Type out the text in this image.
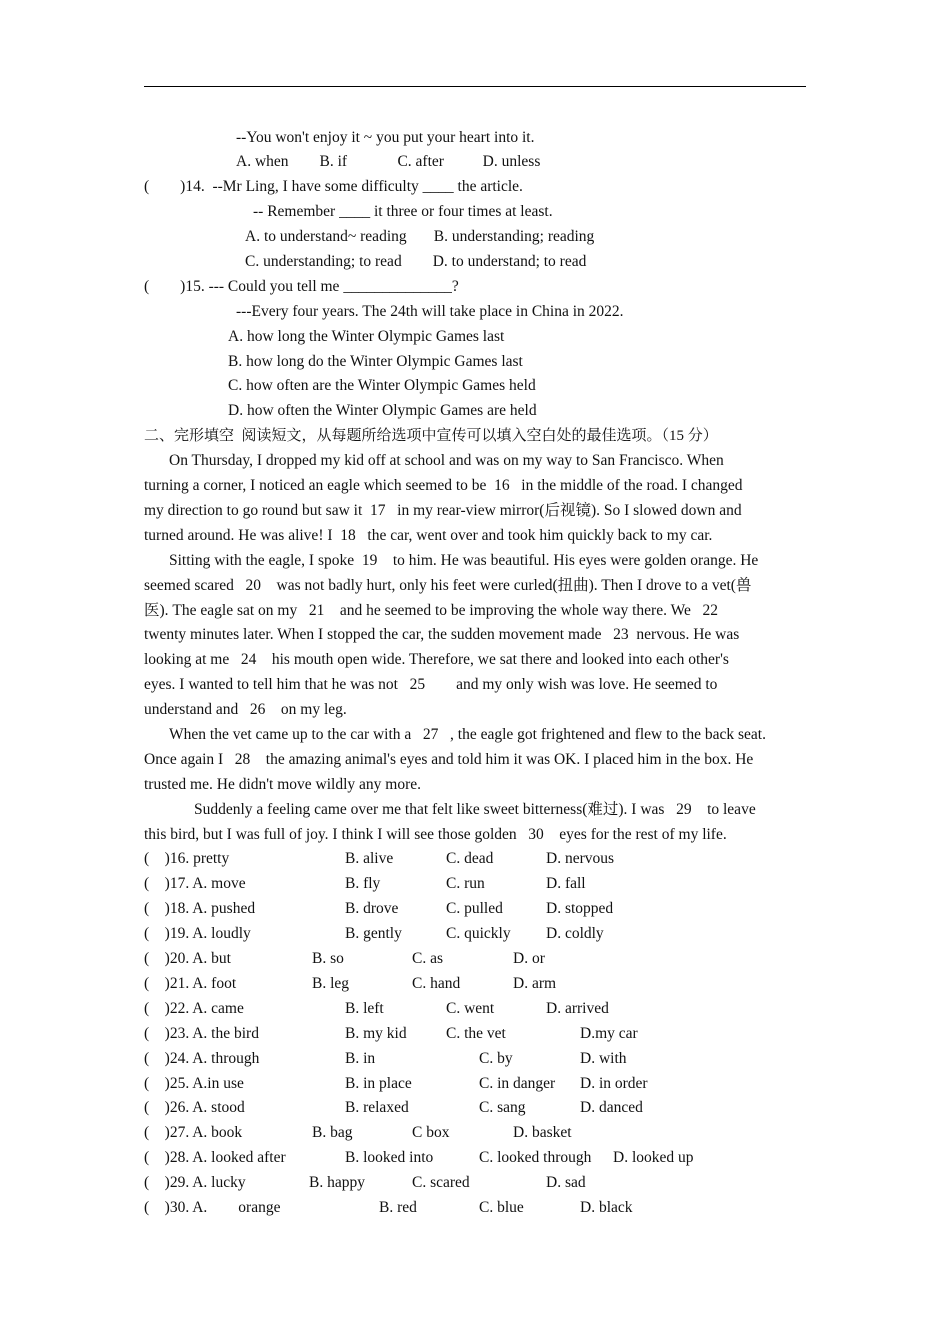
--You won't enjoy it ~ you put your heart into it.
A. when        B. if             C. after          D. unless
(        )14.  --Mr Ling, I have some difficulty ____ the article.
-- Remember ____ it three or four times at least.
A. to understand~ reading       B. understanding; reading
C. understanding; to read        D. to understand; to read
(        )15. --- Could you tell me ______________?
---Every four years. The 24th will take place in China in 2022.
A. how long the Winter Olympic Games last
B. how long do the Winter Olympic Games last
C. how often are the Winter Olympic Games held
D. how often the Winter Olympic Games are held
二、完形填空  阅读短文，从每题所给选项中宣传可以填入空白处的最佳选项。（15 分）
On Thursday, I dropped my kid off at school and was on my way to San Francisco. When
turning a corner, I noticed an eagle which seemed to be  16   in the middle of the road. I changed
my direction to go round but saw it  17   in my rear-view mirror(后视镜). So I slowed down and
turned around. He was alive! I  18   the car, went over and took him quickly back to my car.
Sitting with the eagle, I spoke  19    to him. He was beautiful. His eyes were golden orange. He
seemed scared   20    was not badly hurt, only his feet were curled(扭曲). Then I drove to a vet(兽
医). The eagle sat on my   21    and he seemed to be improving the whole way there. We   22
twenty minutes later. When I stopped the car, the sudden movement made   23  nervous. He was
looking at me   24    his mouth open wide. Therefore, we sat there and looked into each other's
eyes. I wanted to tell him that he was not   25        and my only wish was love. He seemed to
understand and   26    on my leg.
When the vet came up to the car with a   27   , the eagle got frightened and flew to the back seat.
Once again I   28    the amazing animal's eyes and told him it was OK. I placed him in the box. He
trusted me. He didn't move wildly any more.
Suddenly a feeling came over me that felt like sweet bitterness(难过). I was   29    to leave
this bird, but I was full of joy. I think I will see those golden   30    eyes for the rest of my life.
(    )16. pretty	B. alive	C. dead	D. nervous
(    )17. A. move	B. fly	C. run	D. fall
(    )18. A. pushed	B. drove	C. pulled	D. stopped
(    )19. A. loudly	B. gently	C. quickly D. coldly
(    )20. A. but	B. so	C. as	D. or
(    )21. A. foot	B. leg	C. hand	D. arm
(    )22. A. came	B. left	C. went	D. arrived
(    )23. A. the bird	B. my kid	C. the vet	D.my car
(    )24. A. through	B. in	C. by	D. with
(    )25. A.in use	B. in place	C. in danger D. in order
(    )26. A. stood	B. relaxed	C. sang	D. danced
(    )27. A. book	B. bag	C box	D. basket
(    )28. A. looked after	B. looked into	C. looked through D. looked up
(    )29. A. lucky	B. happy	C. scared	D. sad
(    )30. A.        orange	B. red	C. blue	D. black
